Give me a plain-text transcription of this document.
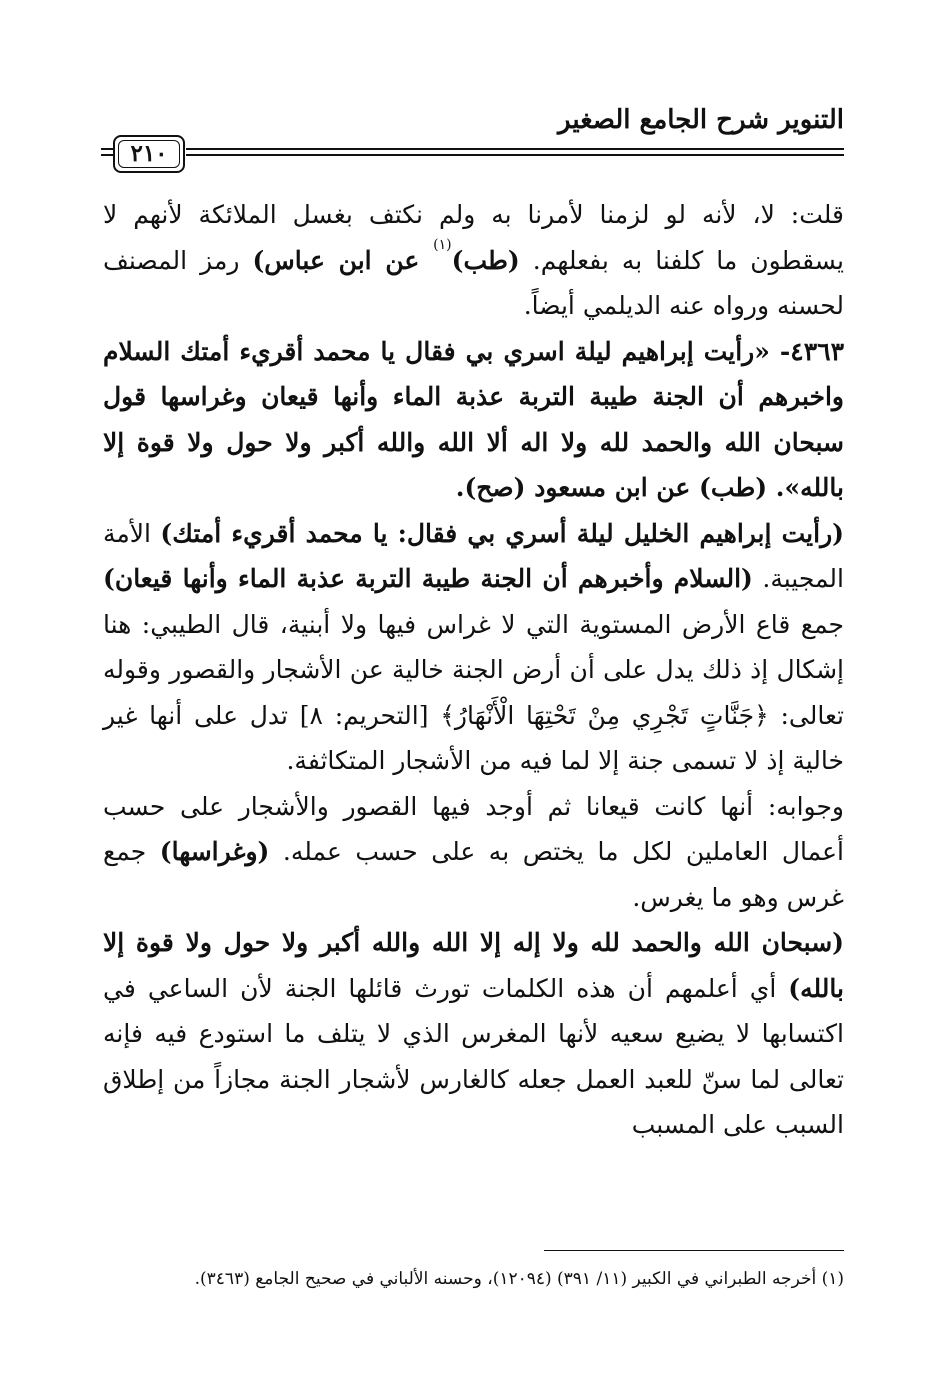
التنوير شرح الجامع الصغير
٢١٠

قلت: لا، لأنه لو لزمنا لأمرنا به ولم نكتف بغسل الملائكة لأنهم لا يسقطون ما كلفنا به بفعلهم. (طب)$^{(١)}$ عن ابن عباس) رمز المصنف لحسنه ورواه عنه الديلمي أيضاً.

٤٣٦٣- «رأيت إبراهيم ليلة اسري بي فقال يا محمد أقريء أمتك السلام واخبرهم أن الجنة طيبة التربة عذبة الماء وأنها قيعان وغراسها قول سبحان الله والحمد لله ولا اله ألا الله والله أكبر ولا حول ولا قوة إلا بالله». (طب) عن ابن مسعود (صح).

(رأيت إبراهيم الخليل ليلة أسري بي فقال: يا محمد أقريء أمتك) الأمة المجيبة. (السلام وأخبرهم أن الجنة طيبة التربة عذبة الماء وأنها قيعان) جمع قاع الأرض المستوية التي لا غراس فيها ولا أبنية، قال الطيبي: هنا إشكال إذ ذلك يدل على أن أرض الجنة خالية عن الأشجار والقصور وقوله تعالى: ﴿جَنَّاتٍ تَجْرِي مِنْ تَحْتِهَا الْأَنْهَارُ﴾ [التحريم: ٨] تدل على أنها غير خالية إذ لا تسمى جنة إلا لما فيه من الأشجار المتكاثفة.

وجوابه: أنها كانت قيعانا ثم أوجد فيها القصور والأشجار على حسب أعمال العاملين لكل ما يختص به على حسب عمله. (وغراسها) جمع غرس وهو ما يغرس.

(سبحان الله والحمد لله ولا إله إلا الله والله أكبر ولا حول ولا قوة إلا بالله) أي أعلمهم أن هذه الكلمات تورث قائلها الجنة لأن الساعي في اكتسابها لا يضيع سعيه لأنها المغرس الذي لا يتلف ما استودع فيه فإنه تعالى لما سنّ للعبد العمل جعله كالغارس لأشجار الجنة مجازاً من إطلاق السبب على المسبب

(١) أخرجه الطبراني في الكبير (١١/ ٣٩١) (١٢٠٩٤)، وحسنه الألباني في صحيح الجامع (٣٤٦٣).
